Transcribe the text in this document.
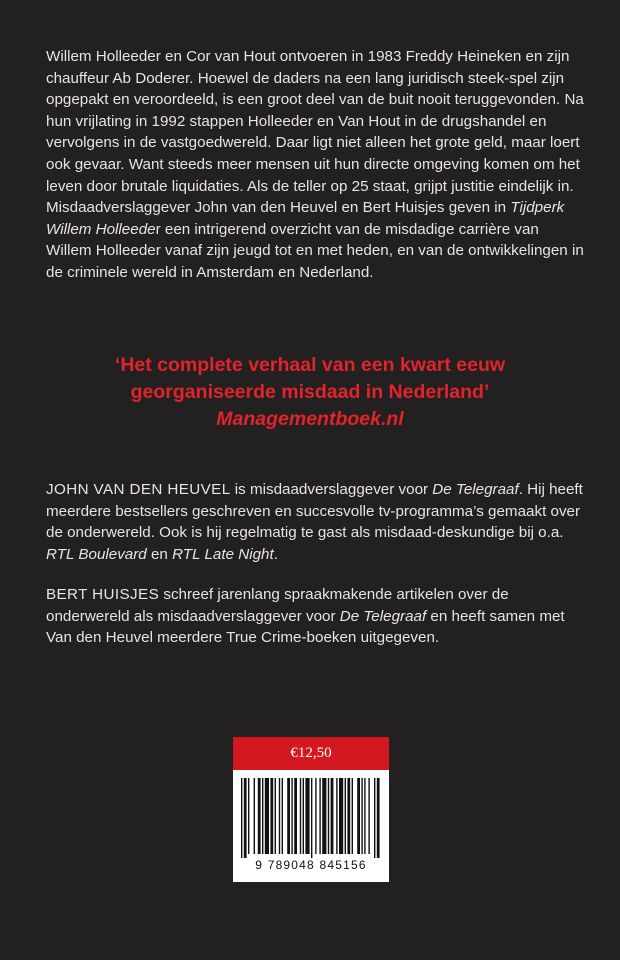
Willem Holleeder en Cor van Hout ontvoeren in 1983 Freddy Heineken en zijn chauffeur Ab Doderer. Hoewel de daders na een lang juridisch steek-spel zijn opgepakt en veroordeeld, is een groot deel van de buit nooit teruggevonden. Na hun vrijlating in 1992 stappen Holleeder en Van Hout in de drugshandel en vervolgens in de vastgoedwereld. Daar ligt niet alleen het grote geld, maar loert ook gevaar. Want steeds meer mensen uit hun directe omgeving komen om het leven door brutale liquidaties. Als de teller op 25 staat, grijpt justitie eindelijk in.

Misdaadverslaggever John van den Heuvel en Bert Huisjes geven in Tijdperk Willem Holleeder een intrigerend overzicht van de misdadige carrière van Willem Holleeder vanaf zijn jeugd tot en met heden, en van de ontwikkelingen in de criminele wereld in Amsterdam en Nederland.

‘Het complete verhaal van een kwart eeuw
georganiseerde misdaad in Nederland’
Managementboek.nl

JOHN VAN DEN HEUVEL is misdaadverslaggever voor De Telegraaf. Hij heeft meerdere bestsellers geschreven en succesvolle tv-programma’s gemaakt over de onderwereld. Ook is hij regelmatig te gast als misdaad-deskundige bij o.a. RTL Boulevard en RTL Late Night.

BERT HUISJES schreef jarenlang spraakmakende artikelen over de onderwereld als misdaadverslaggever voor De Telegraaf en heeft samen met Van den Heuvel meerdere True Crime-boeken uitgegeven.

€12,50
9 789048 845156
